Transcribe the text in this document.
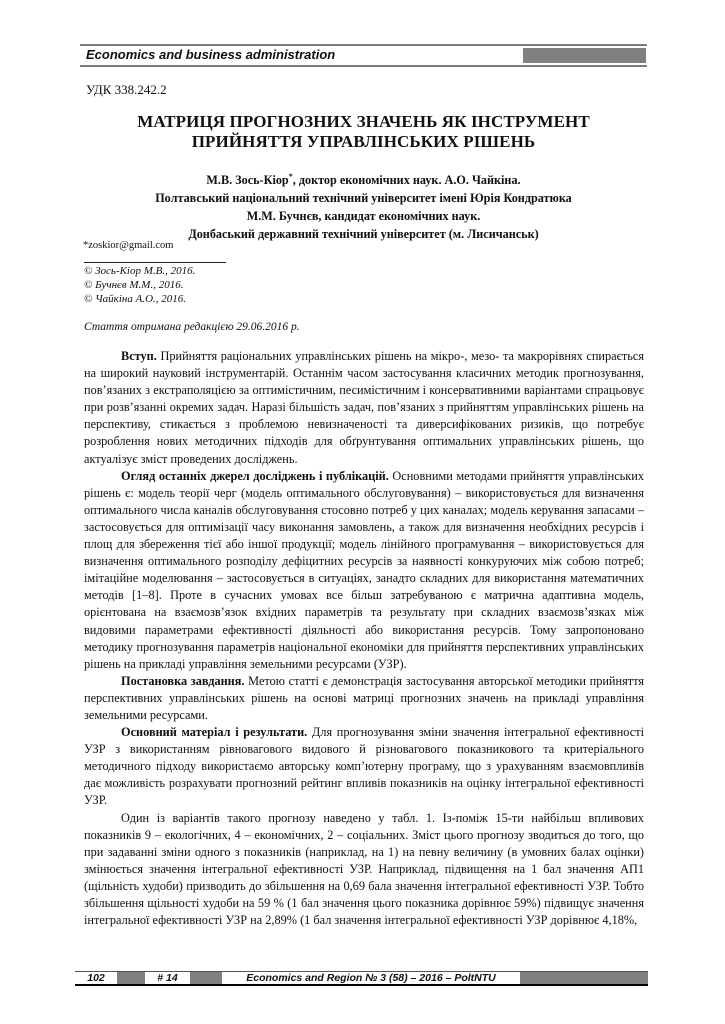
Economics and business administration
УДК 338.242.2
МАТРИЦЯ ПРОГНОЗНИХ ЗНАЧЕНЬ ЯК ІНСТРУМЕНТ
ПРИЙНЯТТЯ УПРАВЛІНСЬКИХ РІШЕНЬ
М.В. Зось-Кіор*, доктор економічних наук. А.О. Чайкіна.
Полтавський національний технічний університет імені Юрія Кондратюка
М.М. Бучнєв, кандидат економічних наук.
Донбаський державний технічний університет (м. Лисичанськ)
*zoskior@gmail.com
© Зось-Кіор М.В., 2016.
© Бучнєв М.М., 2016.
© Чайкіна А.О., 2016.
Стаття отримана редакцією 29.06.2016 р.

Вступ. Прийняття раціональних управлінських рішень на мікро-, мезо- та макрорівнях спирається на широкий науковий інструментарій. Останнім часом застосування класичних методик прогнозування, пов’язаних з екстраполяцією за оптимістичним, песимістичним і консервативними варіантами спрацьовує при розв’язанні окремих задач. Наразі більшість задач, пов’язаних з прийняттям управлінських рішень на перспективу, стикається з проблемою невизначеності та диверсифікованих ризиків, що потребує розроблення нових методичних підходів для обґрунтування оптимальних управлінських рішень, що актуалізує зміст проведених досліджень.

Огляд останніх джерел досліджень і публікацій. Основними методами прийняття управлінських рішень є: модель теорії черг (модель оптимального обслуговування) – використовується для визначення оптимального числа каналів обслуговування стосовно потреб у цих каналах; модель керування запасами – застосовується для оптимізації часу виконання замовлень, а також для визначення необхідних ресурсів і площ для збереження тієї або іншої продукції; модель лінійного програмування – використовується для визначення оптимального розподілу дефіцитних ресурсів за наявності конкуруючих між собою потреб; імітаційне моделювання – застосовується в ситуаціях, занадто складних для використання математичних методів [1–8]. Проте в сучасних умовах все більш затребуваною є матрична адаптивна модель, орієнтована на взаємозв’язок вхідних параметрів та результату при складних взаємозв’язках між видовими параметрами ефективності діяльності або використання ресурсів. Тому запропоновано методику прогнозування параметрів національної економіки для прийняття перспективних управлінських рішень на прикладі управління земельними ресурсами (УЗР).

Постановка завдання. Метою статті є демонстрація застосування авторської методики прийняття перспективних управлінських рішень на основі матриці прогнозних значень на прикладі управління земельними ресурсами.

Основний матеріал і результати. Для прогнозування зміни значення інтегральної ефективності УЗР з використанням рівновагового видового й різновагового показникового та критеріального методичного підходу використаємо авторську комп’ютерну програму, що з урахуванням взаємовпливів дає можливість розрахувати прогнозний рейтинг впливів показників на оцінку інтегральної ефективності УЗР.

Один із варіантів такого прогнозу наведено у табл. 1. Із-поміж 15-ти найбільш впливових показників 9 – екологічних, 4 – економічних, 2 – соціальних. Зміст цього прогнозу зводиться до того, що при задаванні зміни одного з показників (наприклад, на 1) на певну величину (в умовних балах оцінки) змінюється значення інтегральної ефективності УЗР. Наприклад, підвищення на 1 бал значення АП1 (щільність худоби) призводить до збільшення на 0,69 бала значення інтегральної ефективності УЗР. Тобто збільшення щільності худоби на 59 % (1 бал значення цього показника дорівнює 59%) підвищує значення інтегральної ефективності УЗР на 2,89% (1 бал значення інтегральної ефективності УЗР дорівнює 4,18%,

102	# 14	Economics and Region № 3 (58) – 2016 – PoltNTU
